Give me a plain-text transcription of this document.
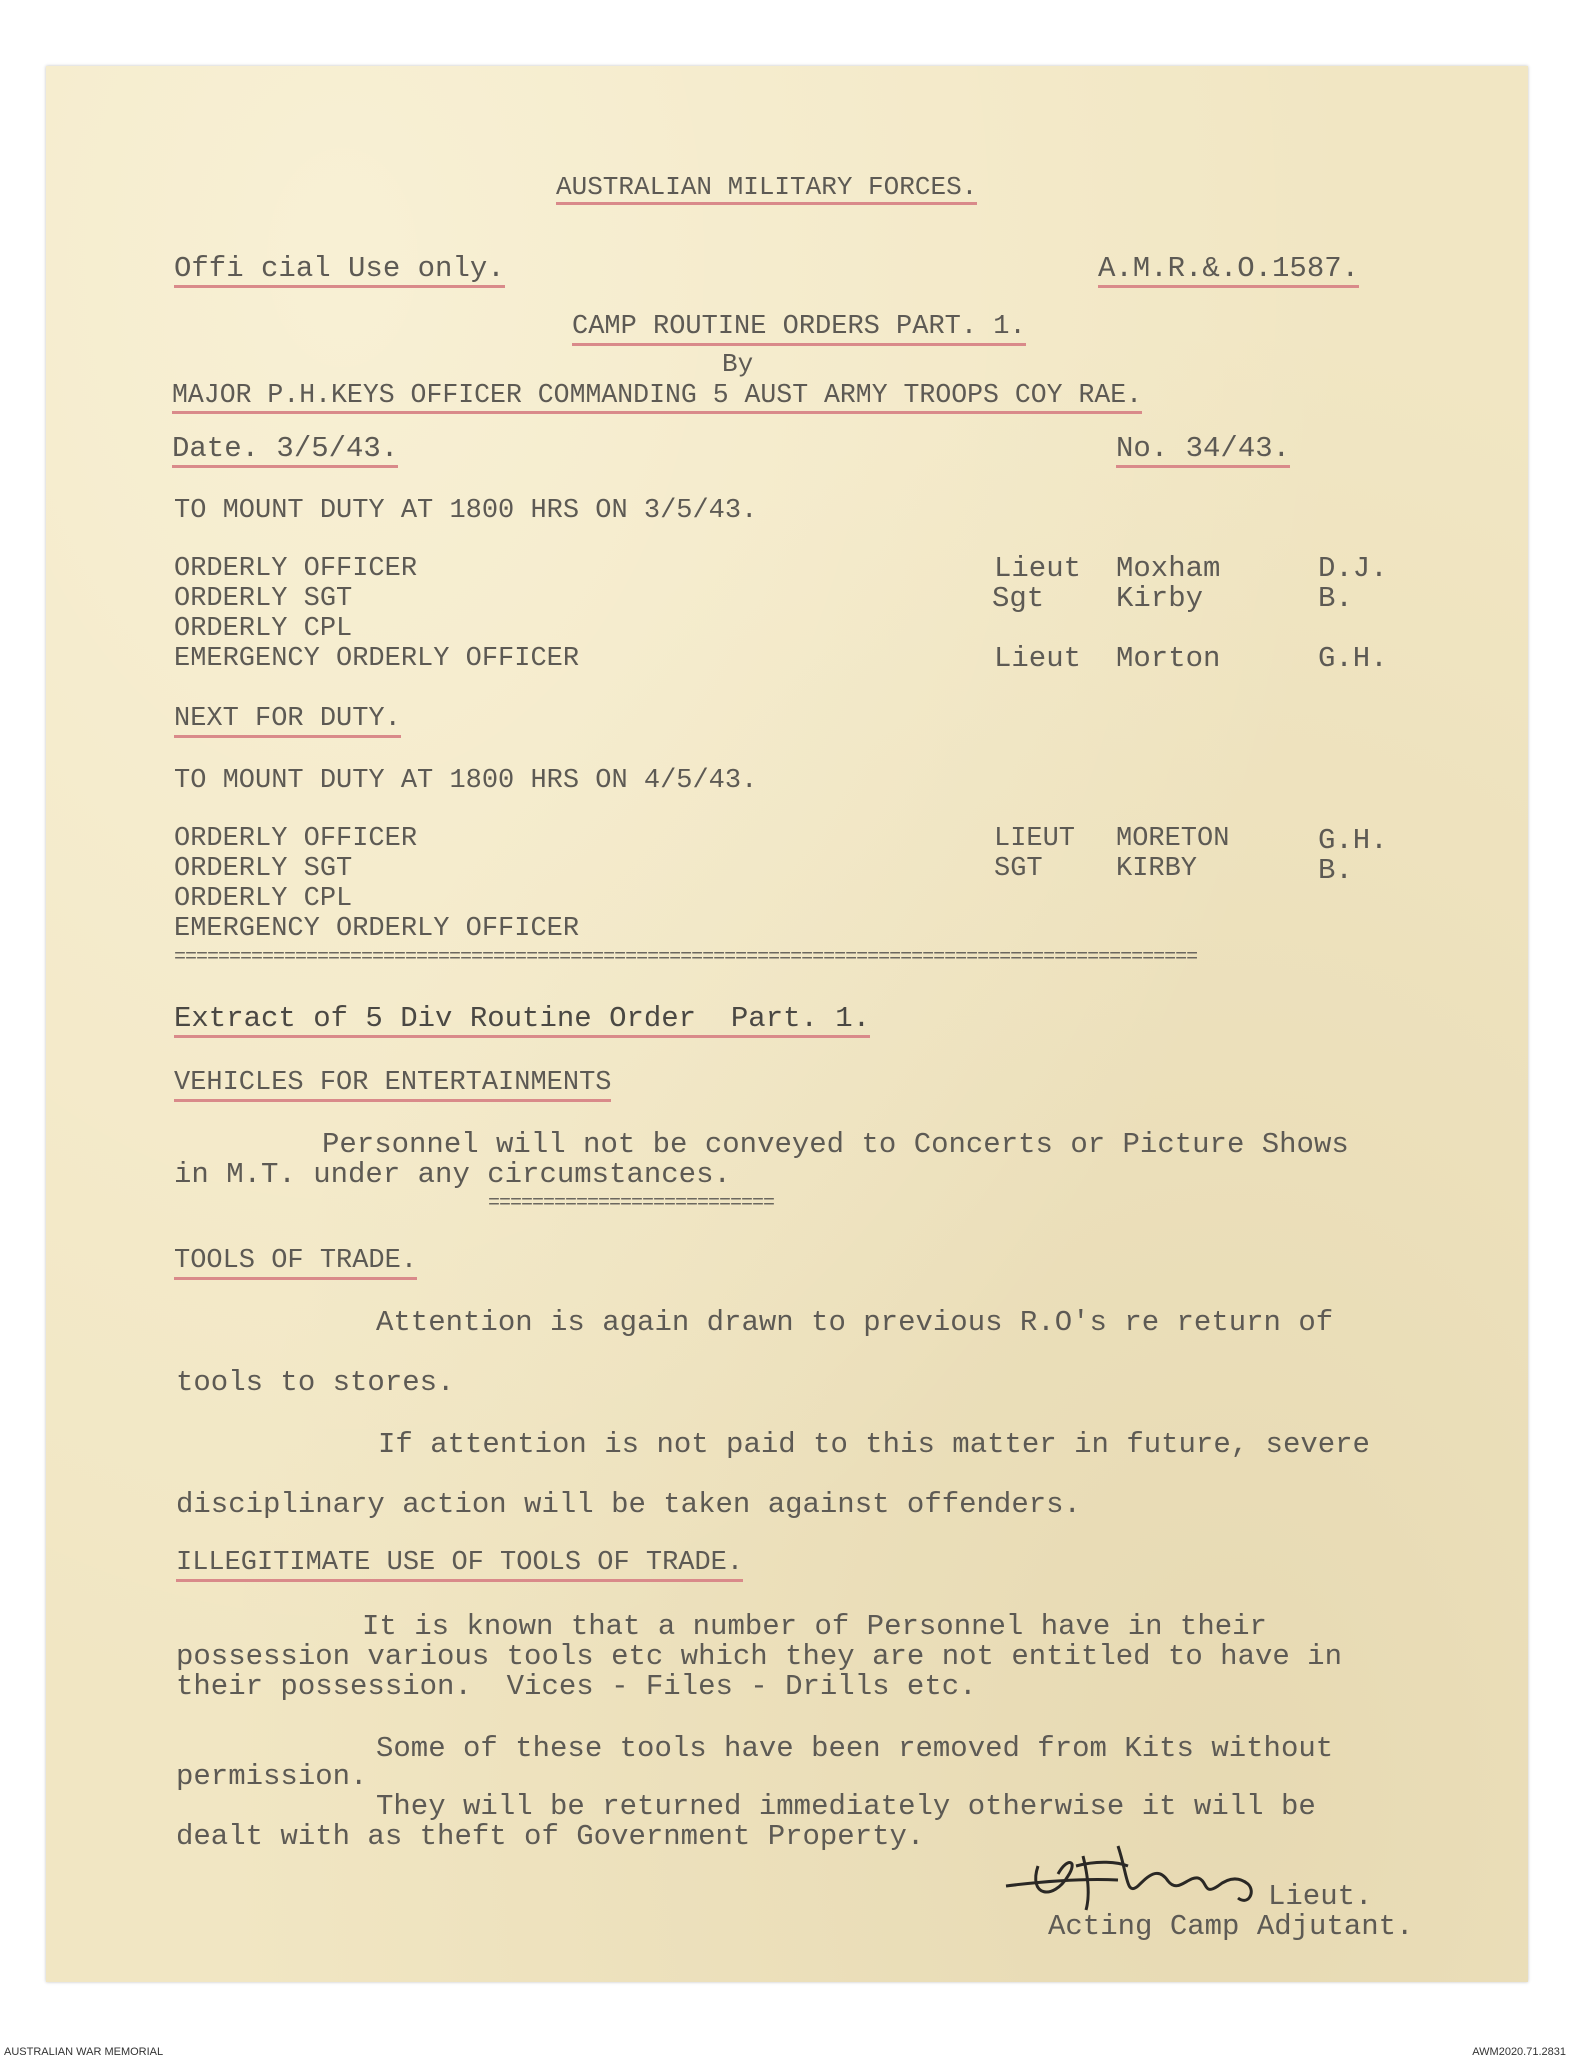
AUSTRALIAN MILITARY FORCES.
Offi cial Use only.	A.M.R.&.O.1587.
CAMP ROUTINE ORDERS PART. 1.
By
MAJOR P.H.KEYS OFFICER COMMANDING 5 AUST ARMY TROOPS COY RAE.
Date. 3/5/43.	No. 34/43.
TO MOUNT DUTY AT 1800 HRS ON 3/5/43.
ORDERLY OFFICER	Lieut Moxham	D.J.
ORDERLY SGT	Sgt Kirby	B.
ORDERLY CPL
EMERGENCY ORDERLY OFFICER	Lieut Morton	G.H.
NEXT FOR DUTY.
TO MOUNT DUTY AT 1800 HRS ON 4/5/43.
ORDERLY OFFICER	LIEUT MORETON	G.H.
ORDERLY SGT	SGT	KIRBY	B.
ORDERLY CPL
EMERGENCY ORDERLY OFFICER
=============================================================================================
Extract of 5 Div Routine Order  Part. 1.
VEHICLES FOR ENTERTAINMENTS
Personnel will not be conveyed to Concerts or Picture Shows
in M.T. under any circumstances.
==========================
TOOLS OF TRADE.
Attention is again drawn to previous R.O's re return of
tools to stores.
If attention is not paid to this matter in future, severe
disciplinary action will be taken against offenders.
ILLEGITIMATE USE OF TOOLS OF TRADE.
It is known that a number of Personnel have in their
possession various tools etc which they are not entitled to have in
their possession.  Vices - Files - Drills etc.
Some of these tools have been removed from Kits without
permission.
They will be returned immediately otherwise it will be
dealt with as theft of Government Property.
Lieut.
Acting Camp Adjutant.
AUSTRALIAN WAR MEMORIAL	AWM2020.71.2831
